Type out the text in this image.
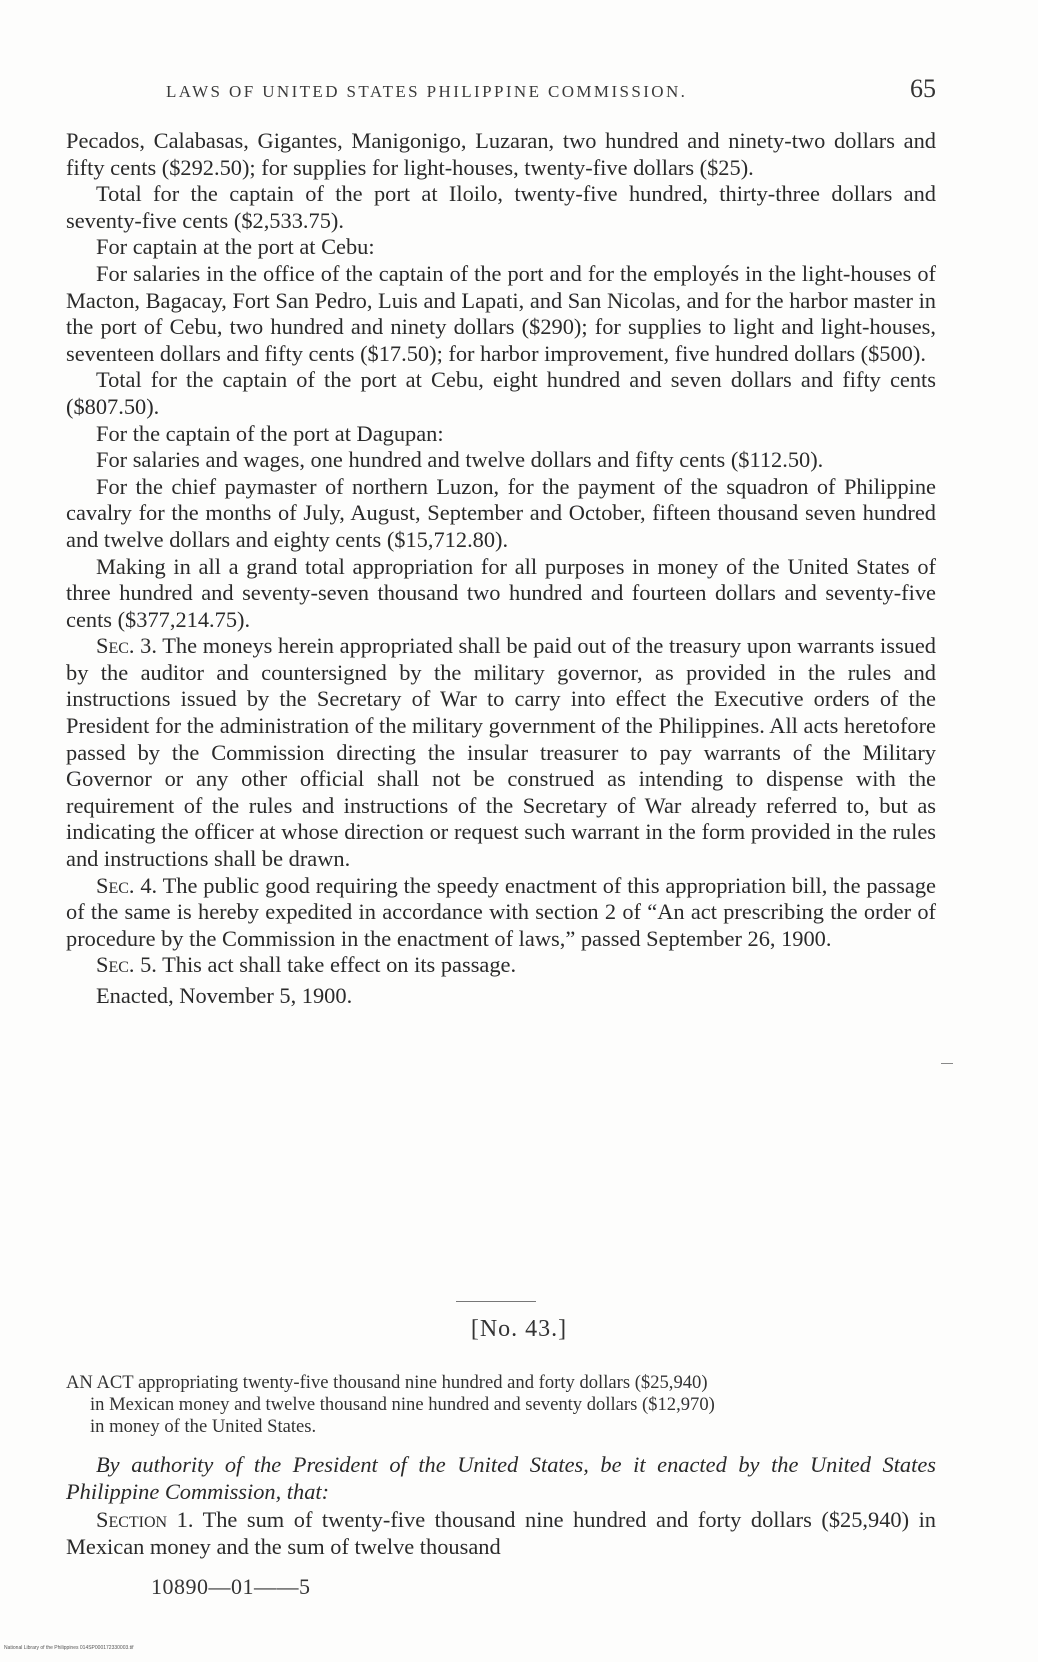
LAWS OF UNITED STATES PHILIPPINE COMMISSION.	65

Pecados, Calabasas, Gigantes, Manigonigo, Luzaran, two hundred and ninety-two dollars and fifty cents ($292.50); for supplies for light-houses, twenty-five dollars ($25).

Total for the captain of the port at Iloilo, twenty-five hundred, thirty-three dollars and seventy-five cents ($2,533.75).

For captain at the port at Cebu:

For salaries in the office of the captain of the port and for the employés in the light-houses of Macton, Bagacay, Fort San Pedro, Luis and Lapati, and San Nicolas, and for the harbor master in the port of Cebu, two hundred and ninety dollars ($290); for supplies to light and light-houses, seventeen dollars and fifty cents ($17.50); for harbor improvement, five hundred dollars ($500).

Total for the captain of the port at Cebu, eight hundred and seven dollars and fifty cents ($807.50).

For the captain of the port at Dagupan:

For salaries and wages, one hundred and twelve dollars and fifty cents ($112.50).

For the chief paymaster of northern Luzon, for the payment of the squadron of Philippine cavalry for the months of July, August, September and October, fifteen thousand seven hundred and twelve dollars and eighty cents ($15,712.80).

Making in all a grand total appropriation for all purposes in money of the United States of three hundred and seventy-seven thousand two hundred and fourteen dollars and seventy-five cents ($377,214.75).

Sec. 3. The moneys herein appropriated shall be paid out of the treasury upon warrants issued by the auditor and countersigned by the military governor, as provided in the rules and instructions issued by the Secretary of War to carry into effect the Executive orders of the President for the administration of the military government of the Philippines. All acts heretofore passed by the Commission directing the insular treasurer to pay warrants of the Military Governor or any other official shall not be construed as intending to dispense with the requirement of the rules and instructions of the Secretary of War already referred to, but as indicating the officer at whose direction or request such warrant in the form provided in the rules and instructions shall be drawn.

Sec. 4. The public good requiring the speedy enactment of this appropriation bill, the passage of the same is hereby expedited in accordance with section 2 of “An act prescribing the order of procedure by the Commission in the enactment of laws,” passed September 26, 1900.

Sec. 5. This act shall take effect on its passage.

Enacted, November 5, 1900.

[No. 43.]
AN ACT appropriating twenty-five thousand nine hundred and forty dollars ($25,940)
in Mexican money and twelve thousand nine hundred and seventy dollars ($12,970)
in money of the United States.
By authority of the President of the United States, be it enacted by the United States Philippine Commission, that:
Section 1. The sum of twenty-five thousand nine hundred and forty dollars ($25,940) in Mexican money and the sum of twelve thousand
10890—01——5
National Library of the Philippines 014SP000172330003.tif
